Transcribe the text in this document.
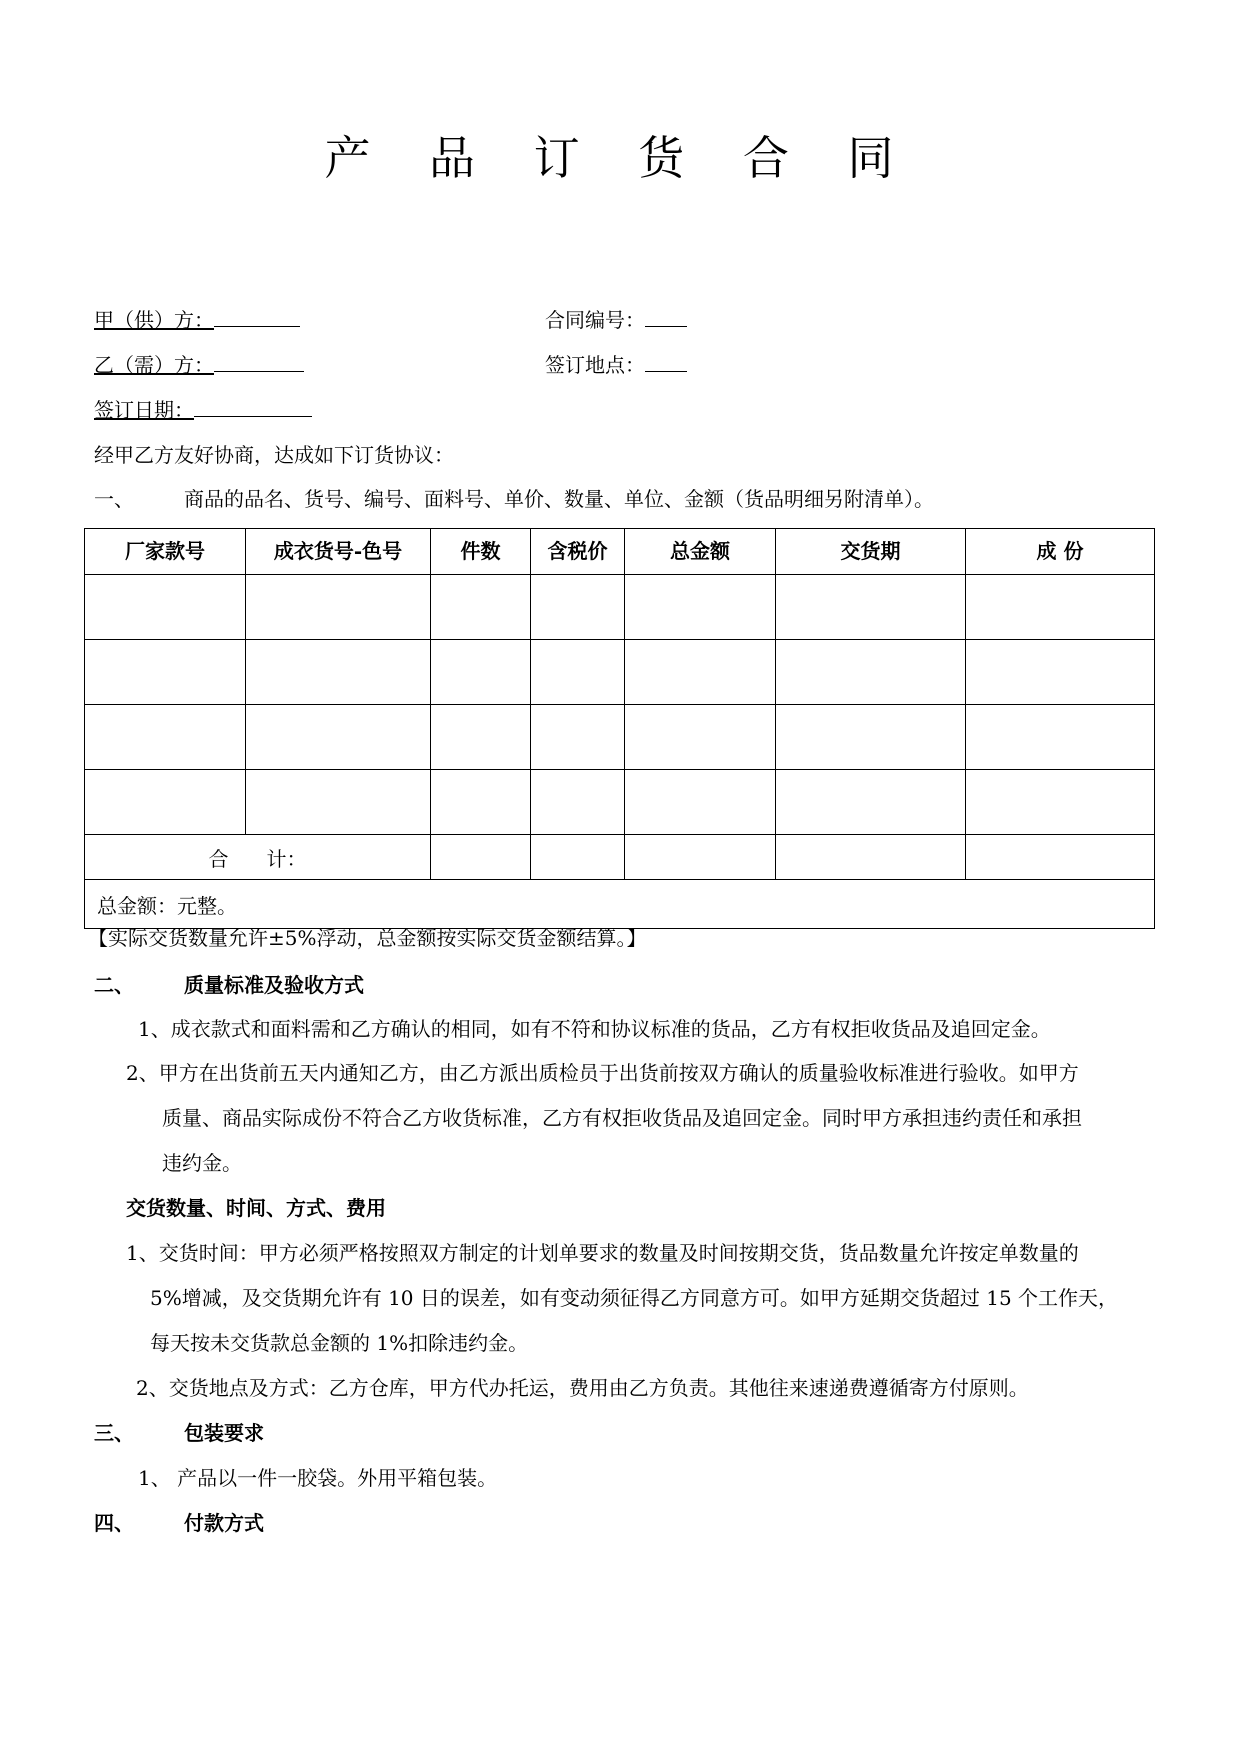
产 品 订 货 合 同
甲（供）方：	合同编号：
乙（需）方：	签订地点：
签订日期：
经甲乙方友好协商，达成如下订货协议：
一、	商品的品名、货号、编号、面料号、单价、数量、单位、金额（货品明细另附清单）。
厂家款号	成衣货号-色号	件数	含税价	总金额	交货期	成 份

合 计：						
总金额：元整。						
【实际交货数量允许±5%浮动，总金额按实际交货金额结算。】
二、	质量标准及验收方式
1、成衣款式和面料需和乙方确认的相同，如有不符和协议标准的货品，乙方有权拒收货品及追回定金。
2、甲方在出货前五天内通知乙方，由乙方派出质检员于出货前按双方确认的质量验收标准进行验收。如甲方
质量、商品实际成份不符合乙方收货标准，乙方有权拒收货品及追回定金。同时甲方承担违约责任和承担
违约金。
交货数量、时间、方式、费用
1、交货时间：甲方必须严格按照双方制定的计划单要求的数量及时间按期交货，货品数量允许按定单数量的
5%增减，及交货期允许有 10 日的误差，如有变动须征得乙方同意方可。如甲方延期交货超过 15 个工作天，
每天按未交货款总金额的 1%扣除违约金。
2、交货地点及方式：乙方仓库，甲方代办托运，费用由乙方负责。其他往来速递费遵循寄方付原则。
三、	包装要求
1、 产品以一件一胶袋。外用平箱包装。
四、	付款方式
